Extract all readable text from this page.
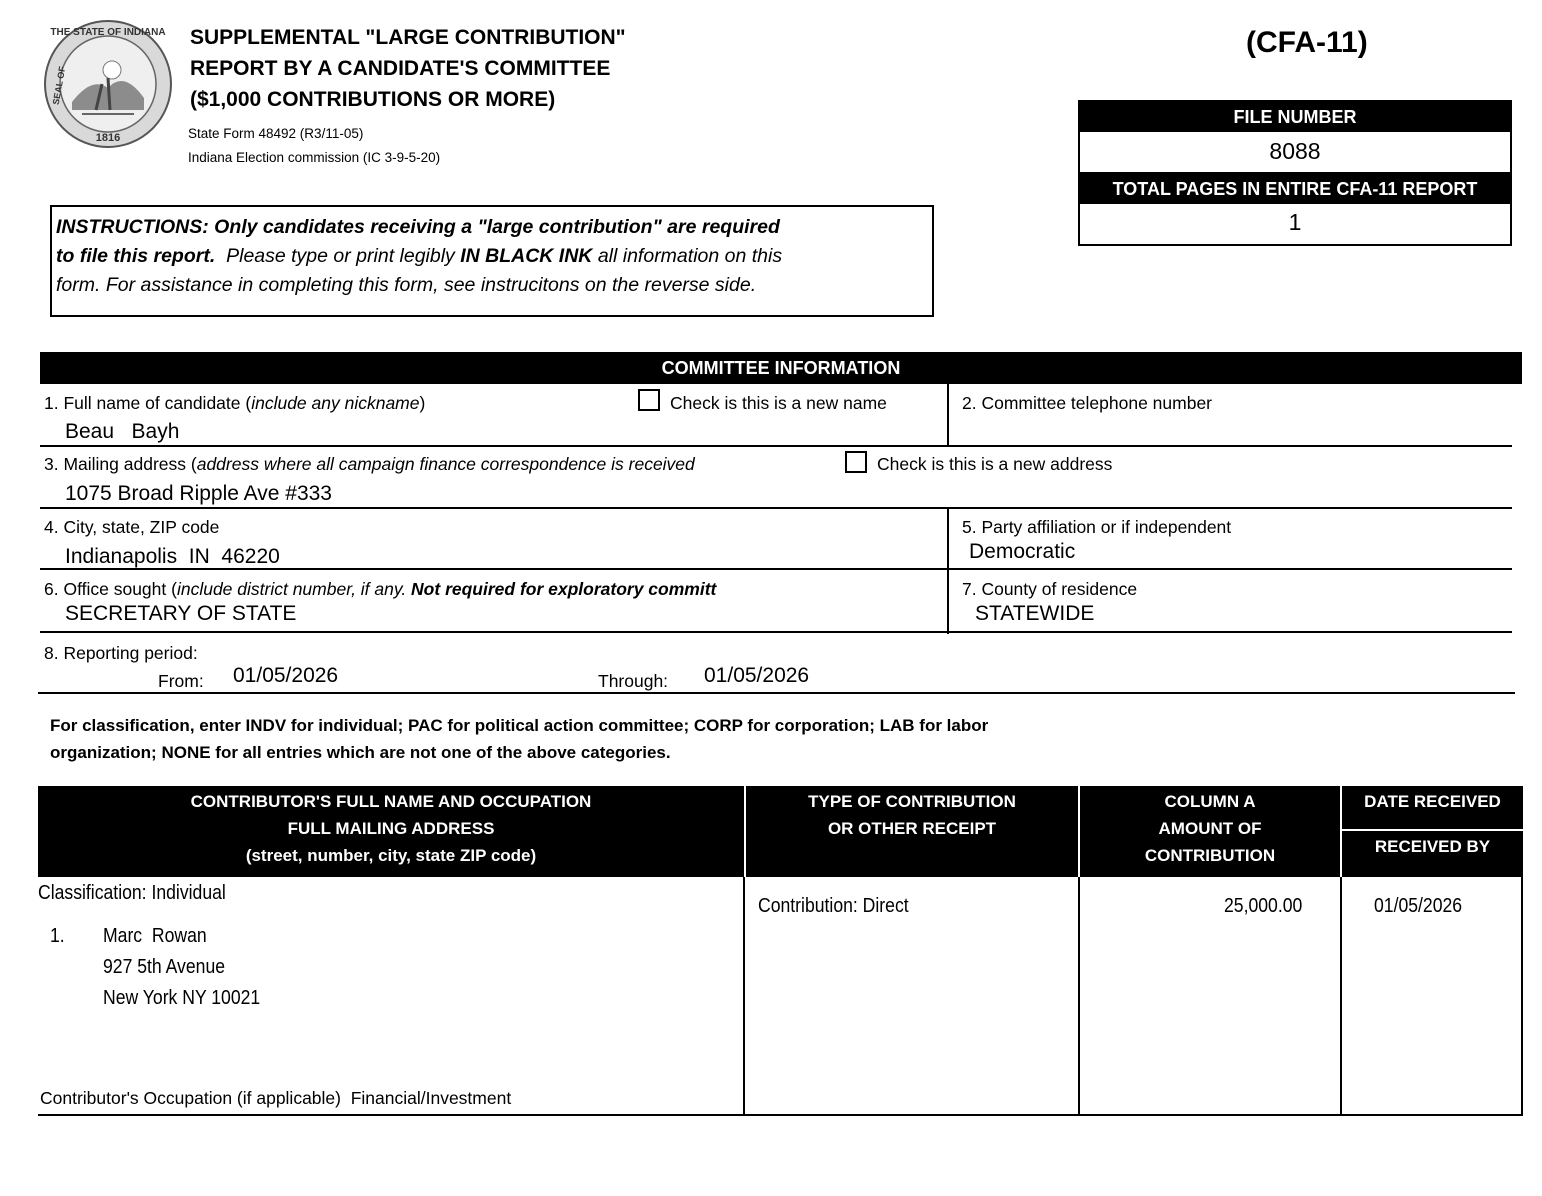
THE STATE OF INDIANA
SEAL OF
1816
SUPPLEMENTAL "LARGE CONTRIBUTION"
REPORT BY A CANDIDATE'S COMMITTEE
($1,000 CONTRIBUTIONS OR MORE)
State Form 48492 (R3/11-05)
Indiana Election commission (IC 3-9-5-20)
(CFA-11)
FILE NUMBER
8088
TOTAL PAGES IN ENTIRE CFA-11 REPORT
1
INSTRUCTIONS: Only candidates receiving a "large contribution" are required
to file this report.  Please type or print legibly IN BLACK INK all information on this
form. For assistance in completing this form, see instrucitons on the reverse side.
COMMITTEE INFORMATION
1. Full name of candidate (include any nickname)	Check is this is a new name
Beau   Bayh
2. Committee telephone number
3. Mailing address (address where all campaign finance correspondence is received	Check is this is a new address
1075 Broad Ripple Ave #333
4. City, state, ZIP code
Indianapolis  IN  46220
5. Party affiliation or if independent
Democratic
6. Office sought (include district number, if any. Not required for exploratory committ
SECRETARY OF STATE
7. County of residence
STATEWIDE
8. Reporting period:
From: 01/05/2026	Through: 01/05/2026
For classification, enter INDV for individual; PAC for political action committee; CORP for corporation; LAB for labor
organization; NONE for all entries which are not one of the above categories.
CONTRIBUTOR'S FULL NAME AND OCCUPATION
FULL MAILING ADDRESS
(street, number, city, state ZIP code)
TYPE OF CONTRIBUTION
OR OTHER RECEIPT
COLUMN A
AMOUNT OF
CONTRIBUTION
DATE RECEIVED
RECEIVED BY
Classification: Individual
1. Marc  Rowan
927 5th Avenue
New York NY 10021
Contributor's Occupation (if applicable)  Financial/Investment
Contribution: Direct	25,000.00	01/05/2026
